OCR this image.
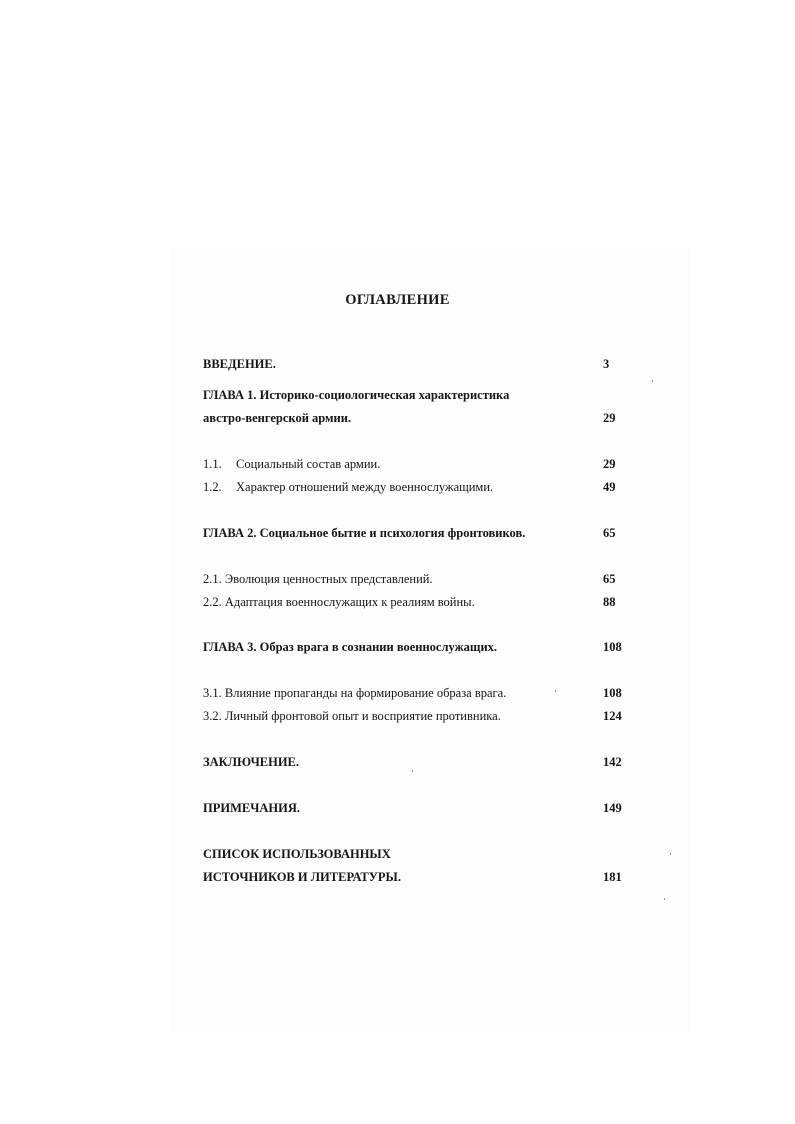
ОГЛАВЛЕНИЕ
ВВЕДЕНИЕ.	3
ГЛАВА 1. Историко-социологическая характеристика
австро-венгерской армии.	29
1.1. Социальный состав армии.	29
1.2. Характер отношений между военнослужащими.	49
ГЛАВА 2. Социальное бытие и психология фронтовиков.	65
2.1. Эволюция ценностных представлений.	65
2.2. Адаптация военнослужащих к реалиям войны.	88
ГЛАВА 3. Образ врага в сознании военнослужащих.	108
3.1. Влияние пропаганды на формирование образа врага.	108
3.2. Личный фронтовой опыт и восприятие противника.	124
ЗАКЛЮЧЕНИЕ.	142
ПРИМЕЧАНИЯ.	149
СПИСОК ИСПОЛЬЗОВАННЫХ
ИСТОЧНИКОВ И ЛИТЕРАТУРЫ.	181
